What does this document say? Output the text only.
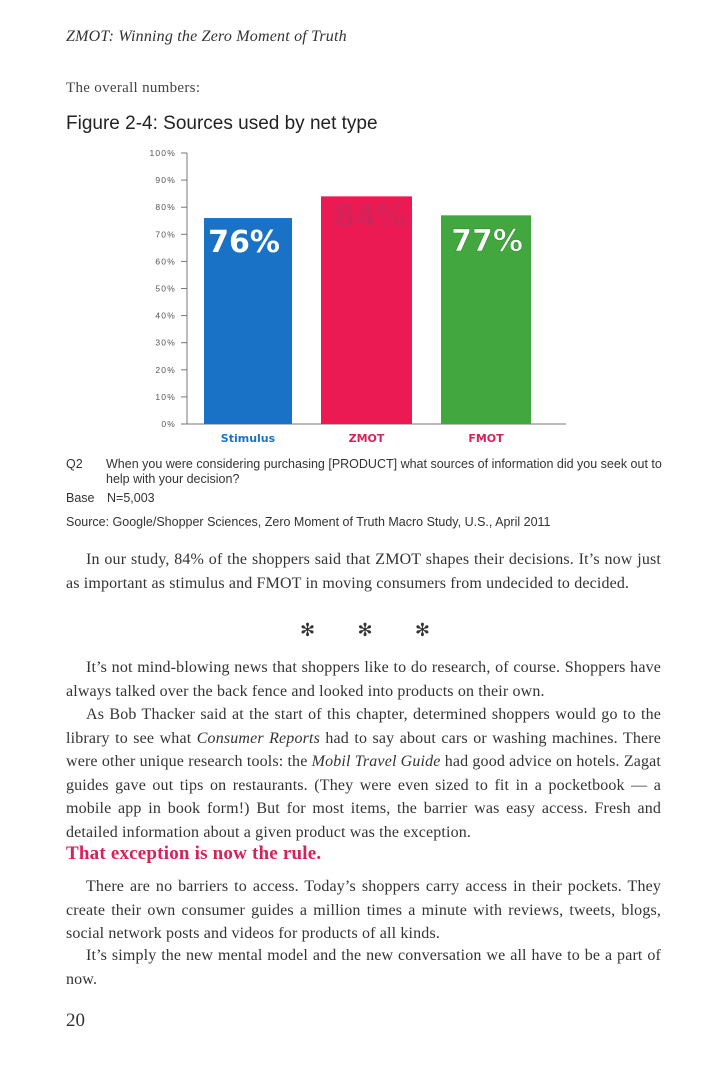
ZMOT: Winning the Zero Moment of Truth
The overall numbers:
Figure 2-4: Sources used by net type
0%
10%
20%
30%
40%
50%
60%
70%
80%
90%
100%
76%
Stimulus
84%
ZMOT
77%
FMOT
Q2 When you were considering purchasing [PRODUCT] what sources of information did you seek out to help with your decision?
Base N=5,003
Source: Google/Shopper Sciences, Zero Moment of Truth Macro Study, U.S., April 2011

In our study, 84% of the shoppers said that ZMOT shapes their decisions. It’s now just as important as stimulus and FMOT in moving consumers from undecided to decided.

✻ ✻ ✻

It’s not mind-blowing news that shoppers like to do research, of course. Shoppers have always talked over the back fence and looked into products on their own.

As Bob Thacker said at the start of this chapter, determined shoppers would go to the library to see what Consumer Reports had to say about cars or washing machines. There were other unique research tools: the Mobil Travel Guide had good advice on hotels. Zagat guides gave out tips on restaurants. (They were even sized to fit in a pocketbook — a mobile app in book form!) But for most items, the barrier was easy access. Fresh and detailed information about a given product was the exception.

That exception is now the rule.

There are no barriers to access. Today’s shoppers carry access in their pockets. They create their own consumer guides a million times a minute with reviews, tweets, blogs, social network posts and videos for products of all kinds.

It’s simply the new mental model and the new conversation we all have to be a part of now.

20
